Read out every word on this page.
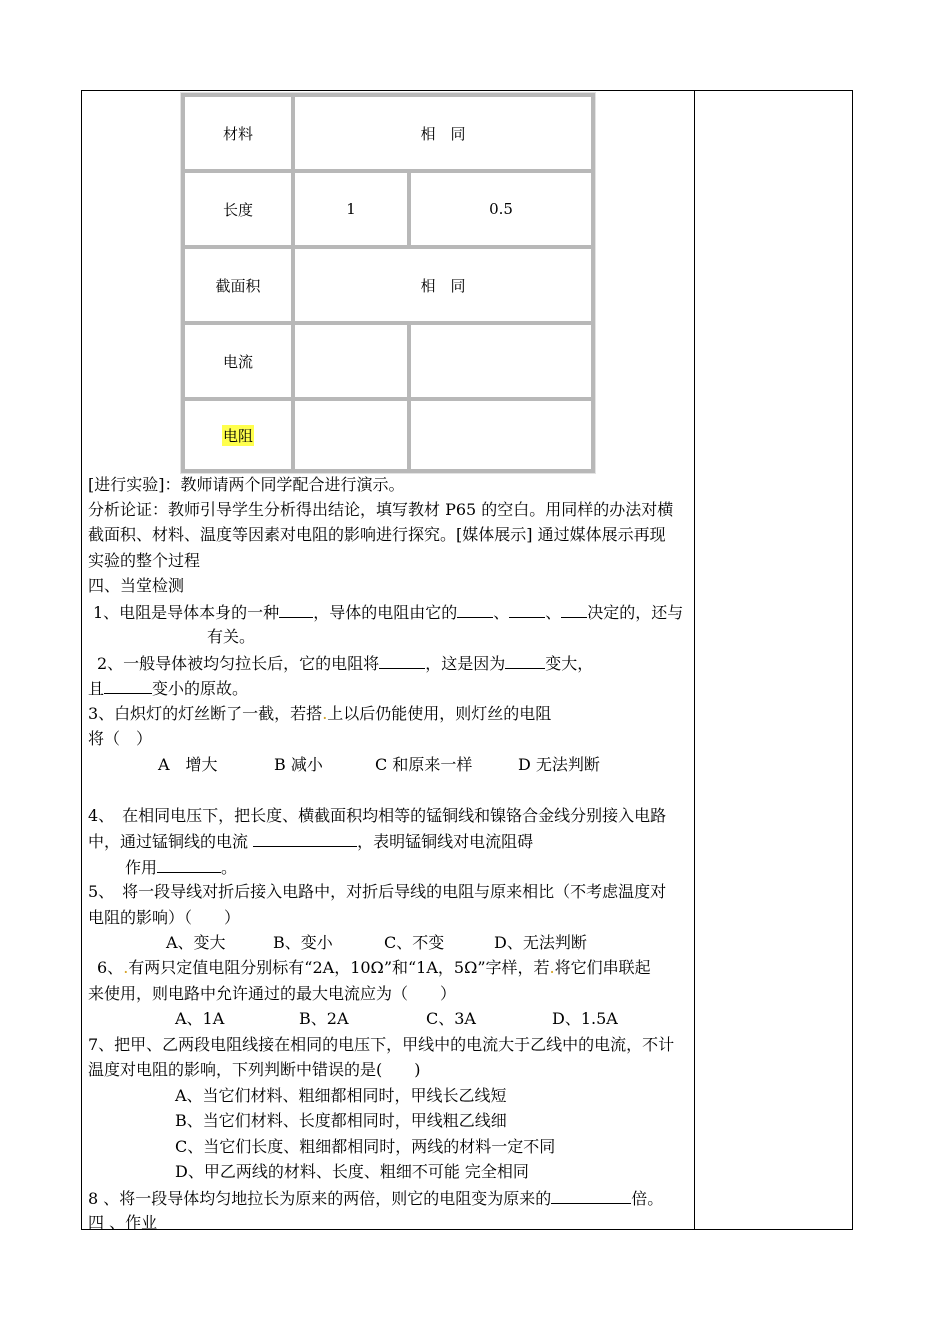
材料	相　同
长度	1	0.5
截面积	相　同
电流
电阻
[进行实验]：教师请两个同学配合进行演示。
分析论证：教师引导学生分析得出结论，填写教材 P65 的空白。用同样的办法对横
截面积、材料、温度等因素对电阻的影响进行探究。[媒体展示] 通过媒体展示再现
实验的整个过程
四、当堂检测
1、电阻是导体本身的一种 ，导体的电阻由它的 、 、 决定的，还与
有关。
2、一般导体被均匀拉长后，它的电阻将	，这是因为	变大，
且	变小的原故。
3、白炽灯的灯丝断了一截，若搭.上以后仍能使用，则灯丝的电阻
将（　）
A　增大	B 减小	C 和原来一样	D 无法判断
4、　在相同电压下，把长度、横截面积均相等的锰铜线和镍铬合金线分别接入电路
中，通过锰铜线的电流	，表明锰铜线对电流阻碍
作用	。
5、　将一段导线对折后接入电路中，对折后导线的电阻与原来相比（不考虑温度对
电阻的影响）（　　）
A、变大	B、变小	C、不变	D、无法判断
6、.有两只定值电阻分别标有“2A，10Ω”和“1A，5Ω”字样，若.将它们串联起
来使用，则电路中允许通过的最大电流应为（　　）
A、1A	B、2A	C、3A	D、1.5A
7、把甲、乙两段电阻线接在相同的电压下，甲线中的电流大于乙线中的电流，不计
温度对电阻的影响，下列判断中错误的是(　　)
A、当它们材料、粗细都相同时，甲线长乙线短
B、当它们材料、长度都相同时，甲线粗乙线细
C、当它们长度、粗细都相同时，两线的材料一定不同
D、甲乙两线的材料、长度、粗细不可能 完全相同
8 、将一段导体均匀地拉长为原来的两倍，则它的电阻变为原来的	倍。
四 、作业
